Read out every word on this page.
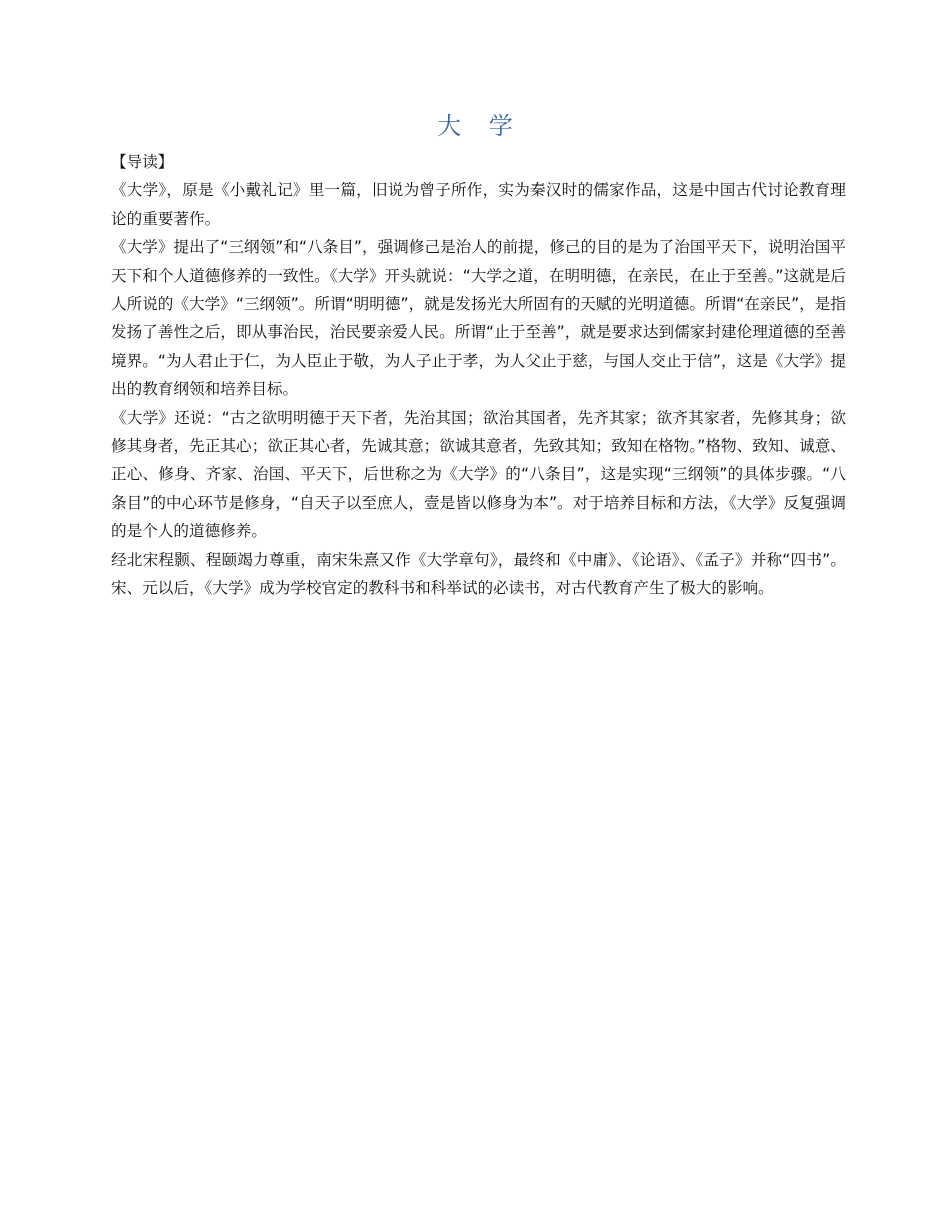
大 学

【导读】

《大学》，原是《小戴礼记》里一篇，旧说为曾子所作，实为秦汉时的儒家作品，这是中国古代讨论教育理论的重要著作。

《大学》提出了“三纲领”和“八条目”，强调修己是治人的前提，修己的目的是为了治国平天下，说明治国平天下和个人道德修养的一致性。《大学》开头就说：“大学之道，在明明德，在亲民，在止于至善。”这就是后人所说的《大学》“三纲领”。所谓“明明德”，就是发扬光大所固有的天赋的光明道德。所谓“在亲民”，是指发扬了善性之后，即从事治民，治民要亲爱人民。所谓“止于至善”，就是要求达到儒家封建伦理道德的至善境界。“为人君止于仁，为人臣止于敬，为人子止于孝，为人父止于慈，与国人交止于信”，这是《大学》提出的教育纲领和培养目标。

《大学》还说：“古之欲明明德于天下者，先治其国；欲治其国者，先齐其家；欲齐其家者，先修其身；欲修其身者，先正其心；欲正其心者，先诚其意；欲诚其意者，先致其知；致知在格物。”格物、致知、诚意、正心、修身、齐家、治国、平天下，后世称之为《大学》的“八条目”，这是实现“三纲领”的具体步骤。“八条目”的中心环节是修身，“自天子以至庶人，壹是皆以修身为本”。对于培养目标和方法，《大学》反复强调的是个人的道德修养。

经北宋程颢、程颐竭力尊重，南宋朱熹又作《大学章句》，最终和《中庸》、《论语》、《孟子》并称“四书”。宋、元以后，《大学》成为学校官定的教科书和科举试的必读书，对古代教育产生了极大的影响。
